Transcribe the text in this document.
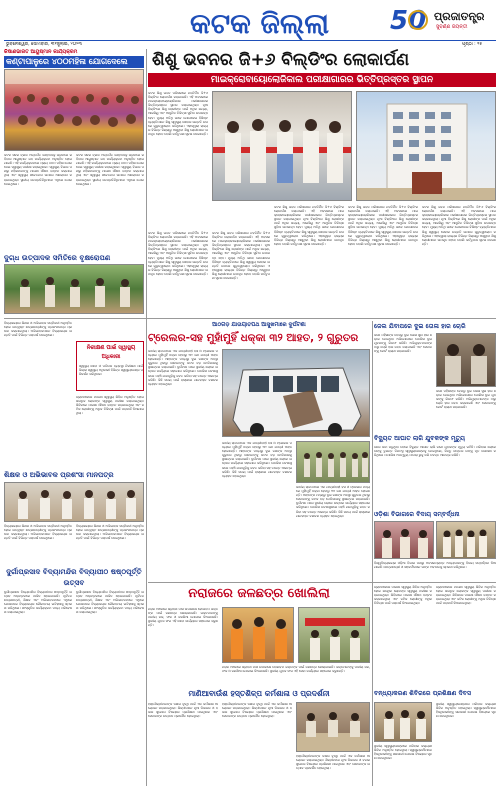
କଟକ ଜିଲ୍ଲା	50 ପ୍ରଜାତନ୍ତ୍ର
ସୁବର୍ଣ୍ଣ ଜୟନ୍ତୀ
ଭୁବନେଶ୍ୱର, ସୋମବାର, ୩୧ଜୁଲାଇ, ୨୦୨୩	ପୃଷ୍ଠା : ୧୫
କିଷାଣଭାରତ ଆୟୁଷ୍ମାନ କାର୍ଯ୍ୟକ୍ରମ
କଣ୍ଟାପାଳୁରେ ୪୦୦ମହିଳା ଯୋଗଦେଲେ
କଟକ ସଦର ବ୍ଲକ ଅନ୍ତର୍ଗତ କଣ୍ଟାପାଳୁ ଗ୍ରାମରେ ରବିବାର ଆୟୁଷ୍ମାନ ଭବ କାର୍ଯ୍ୟକ୍ରମ ଅନୁଷ୍ଠିତ ହୋଇଯାଇଛି। ଏହି କାର୍ଯ୍ୟକ୍ରମରେ ପ୍ରାୟ ୪୦୦ ମହିଳା ଯୋଗଦେଇ ସ୍ୱାସ୍ଥ୍ୟ ପରୀକ୍ଷା କରାଇଥିଲେ। ସ୍ୱାସ୍ଥ୍ୟ ବିଭାଗ ପକ୍ଷରୁ ମହିଳାମାନଙ୍କୁ ମାଗଣା ଔଷଧ ବଣ୍ଟନ କରାଯାଇଥିଲା ଏବଂ ସ୍ୱାସ୍ଥ୍ୟ ସଚେତନତା ଉପରେ ଆଲୋଚନା କରାଯାଇଥିଲା। ସ୍ଥାନୀୟ ଜନପ୍ରତିନିଧିମାନେ ଏଥିରେ ଯୋଗଦେଇଥିଲେ।
କଟକ ସଦର ବ୍ଲକ ଅନ୍ତର୍ଗତ କଣ୍ଟାପାଳୁ ଗ୍ରାମରେ ରବିବାର ଆୟୁଷ୍ମାନ ଭବ କାର୍ଯ୍ୟକ୍ରମ ଅନୁଷ୍ଠିତ ହୋଇଯାଇଛି। ଏହି କାର୍ଯ୍ୟକ୍ରମରେ ପ୍ରାୟ ୪୦୦ ମହିଳା ଯୋଗଦେଇ ସ୍ୱାସ୍ଥ୍ୟ ପରୀକ୍ଷା କରାଇଥିଲେ। ସ୍ୱାସ୍ଥ୍ୟ ବିଭାଗ ପକ୍ଷରୁ ମହିଳାମାନଙ୍କୁ ମାଗଣା ଔଷଧ ବଣ୍ଟନ କରାଯାଇଥିଲା ଏବଂ ସ୍ୱାସ୍ଥ୍ୟ ସଚେତନତା ଉପରେ ଆଲୋଚନା କରାଯାଇଥିଲା। ସ୍ଥାନୀୟ ଜନପ୍ରତିନିଧିମାନେ ଏଥିରେ ଯୋଗଦେଇଥିଲେ।
ଦୁଗ୍ଧ ଉତ୍ପାଦକ ସମିତିରେ ବୃକ୍ଷରୋପଣ
ଶିଶୁ ଭବନର ଜି+୬ ବିଲ୍ଡିଂର ଲୋକାର୍ପଣ
ମାଇକ୍ରୋବାୟୋଲୋଜିକାଲ ପରୀକ୍ଷାଗାରର ଭିତ୍ତିପ୍ରସ୍ତର ସ୍ଥାପନ
କଟକ ଶିଶୁ ଭବନ ପରିସରରେ ନବନିର୍ମିତ ଜି+୬ ବିଲ୍ଡିଂର ଲୋକାର୍ପଣ କରାଯାଇଛି। ଏହି ଅବସରରେ ମାଇକ୍ରୋବାୟୋଲୋଜିକାଲ ପରୀକ୍ଷାଗାରର ଭିତ୍ତିପ୍ରସ୍ତର ସ୍ଥାପନ କରାଯାଇଥିଲା। ନୂଆ ବିଲ୍ଡିଂରେ ଶିଶୁ ରୋଗୀଙ୍କ ପାଇଁ ଅଧିକ ଶଯ୍ୟା, ଆଇସିୟୁ ଏବଂ ଆଧୁନିକ ଚିକିତ୍ସା ସୁବିଧା ଉପଲବ୍ଧ ହେବ। ମୁଖ୍ୟ ଅତିଥି ଭାବେ ଯୋଗଦେଇ ବିଶିଷ୍ଟ ବ୍ୟକ୍ତିମାନେ ଶିଶୁ ସ୍ୱାସ୍ଥ୍ୟ ସେବାର ଉନ୍ନତି ଉପରେ ଗୁରୁତ୍ୱାରୋପ କରିଥିଲେ। ଏହାଦ୍ୱାରା ରାଜ୍ୟର ବିଭିନ୍ନ ଜିଲ୍ଲାରୁ ଆସୁଥିବା ଶିଶୁ ରୋଗୀମାନେ ଉପକୃତ ହେବେ ବୋଲି କର୍ତ୍ତୃପକ୍ଷ ସୂଚନା ଦେଇଛନ୍ତି।
କଟକ ଶିଶୁ ଭବନ ପରିସରରେ ନବନିର୍ମିତ ଜି+୬ ବିଲ୍ଡିଂର ଲୋକାର୍ପଣ କରାଯାଇଛି। ଏହି ଅବସରରେ ମାଇକ୍ରୋବାୟୋଲୋଜିକାଲ ପରୀକ୍ଷାଗାରର ଭିତ୍ତିପ୍ରସ୍ତର ସ୍ଥାପନ କରାଯାଇଥିଲା। ନୂଆ ବିଲ୍ଡିଂରେ ଶିଶୁ ରୋଗୀଙ୍କ ପାଇଁ ଅଧିକ ଶଯ୍ୟା, ଆଇସିୟୁ ଏବଂ ଆଧୁନିକ ଚିକିତ୍ସା ସୁବିଧା ଉପଲବ୍ଧ ହେବ। ମୁଖ୍ୟ ଅତିଥି ଭାବେ ଯୋଗଦେଇ ବିଶିଷ୍ଟ ବ୍ୟକ୍ତିମାନେ ଶିଶୁ ସ୍ୱାସ୍ଥ୍ୟ ସେବାର ଉନ୍ନତି ଉପରେ ଗୁରୁତ୍ୱାରୋପ କରିଥିଲେ। ଏହାଦ୍ୱାରା ରାଜ୍ୟର ବିଭିନ୍ନ ଜିଲ୍ଲାରୁ ଆସୁଥିବା ଶିଶୁ ରୋଗୀମାନେ ଉପକୃତ ହେବେ ବୋଲି କର୍ତ୍ତୃପକ୍ଷ ସୂଚନା ଦେଇଛନ୍ତି।
କଟକ ଶିଶୁ ଭବନ ପରିସରରେ ନବନିର୍ମିତ ଜି+୬ ବିଲ୍ଡିଂର ଲୋକାର୍ପଣ କରାଯାଇଛି। ଏହି ଅବସରରେ ମାଇକ୍ରୋବାୟୋଲୋଜିକାଲ ପରୀକ୍ଷାଗାରର ଭିତ୍ତିପ୍ରସ୍ତର ସ୍ଥାପନ କରାଯାଇଥିଲା। ନୂଆ ବିଲ୍ଡିଂରେ ଶିଶୁ ରୋଗୀଙ୍କ ପାଇଁ ଅଧିକ ଶଯ୍ୟା, ଆଇସିୟୁ ଏବଂ ଆଧୁନିକ ଚିକିତ୍ସା ସୁବିଧା ଉପଲବ୍ଧ ହେବ। ମୁଖ୍ୟ ଅତିଥି ଭାବେ ଯୋଗଦେଇ ବିଶିଷ୍ଟ ବ୍ୟକ୍ତିମାନେ ଶିଶୁ ସ୍ୱାସ୍ଥ୍ୟ ସେବାର ଉନ୍ନତି ଉପରେ ଗୁରୁତ୍ୱାରୋପ କରିଥିଲେ। ଏହାଦ୍ୱାରା ରାଜ୍ୟର ବିଭିନ୍ନ ଜିଲ୍ଲାରୁ ଆସୁଥିବା ଶିଶୁ ରୋଗୀମାନେ ଉପକୃତ ହେବେ ବୋଲି କର୍ତ୍ତୃପକ୍ଷ ସୂଚନା ଦେଇଛନ୍ତି।
କଟକ ଶିଶୁ ଭବନ ପରିସରରେ ନବନିର୍ମିତ ଜି+୬ ବିଲ୍ଡିଂର ଲୋକାର୍ପଣ କରାଯାଇଛି। ଏହି ଅବସରରେ ମାଇକ୍ରୋବାୟୋଲୋଜିକାଲ ପରୀକ୍ଷାଗାରର ଭିତ୍ତିପ୍ରସ୍ତର ସ୍ଥାପନ କରାଯାଇଥିଲା। ନୂଆ ବିଲ୍ଡିଂରେ ଶିଶୁ ରୋଗୀଙ୍କ ପାଇଁ ଅଧିକ ଶଯ୍ୟା, ଆଇସିୟୁ ଏବଂ ଆଧୁନିକ ଚିକିତ୍ସା ସୁବିଧା ଉପଲବ୍ଧ ହେବ। ମୁଖ୍ୟ ଅତିଥି ଭାବେ ଯୋଗଦେଇ ବିଶିଷ୍ଟ ବ୍ୟକ୍ତିମାନେ ଶିଶୁ ସ୍ୱାସ୍ଥ୍ୟ ସେବାର ଉନ୍ନତି ଉପରେ ଗୁରୁତ୍ୱାରୋପ କରିଥିଲେ। ଏହାଦ୍ୱାରା ରାଜ୍ୟର ବିଭିନ୍ନ ଜିଲ୍ଲାରୁ ଆସୁଥିବା ଶିଶୁ ରୋଗୀମାନେ ଉପକୃତ ହେବେ ବୋଲି କର୍ତ୍ତୃପକ୍ଷ ସୂଚନା ଦେଇଛନ୍ତି।
କଟକ ଶିଶୁ ଭବନ ପରିସରରେ ନବନିର୍ମିତ ଜି+୬ ବିଲ୍ଡିଂର ଲୋକାର୍ପଣ କରାଯାଇଛି। ଏହି ଅବସରରେ ମାଇକ୍ରୋବାୟୋଲୋଜିକାଲ ପରୀକ୍ଷାଗାରର ଭିତ୍ତିପ୍ରସ୍ତର ସ୍ଥାପନ କରାଯାଇଥିଲା। ନୂଆ ବିଲ୍ଡିଂରେ ଶିଶୁ ରୋଗୀଙ୍କ ପାଇଁ ଅଧିକ ଶଯ୍ୟା, ଆଇସିୟୁ ଏବଂ ଆଧୁନିକ ଚିକିତ୍ସା ସୁବିଧା ଉପଲବ୍ଧ ହେବ। ମୁଖ୍ୟ ଅତିଥି ଭାବେ ଯୋଗଦେଇ ବିଶିଷ୍ଟ ବ୍ୟକ୍ତିମାନେ ଶିଶୁ ସ୍ୱାସ୍ଥ୍ୟ ସେବାର ଉନ୍ନତି ଉପରେ ଗୁରୁତ୍ୱାରୋପ କରିଥିଲେ। ଏହାଦ୍ୱାରା ରାଜ୍ୟର ବିଭିନ୍ନ ଜିଲ୍ଲାରୁ ଆସୁଥିବା ଶିଶୁ ରୋଗୀମାନେ ଉପକୃତ ହେବେ ବୋଲି କର୍ତ୍ତୃପକ୍ଷ ସୂଚନା ଦେଇଛନ୍ତି।
କଟକ ଶିଶୁ ଭବନ ପରିସରରେ ନବନିର୍ମିତ ଜି+୬ ବିଲ୍ଡିଂର ଲୋକାର୍ପଣ କରାଯାଇଛି। ଏହି ଅବସରରେ ମାଇକ୍ରୋବାୟୋଲୋଜିକାଲ ପରୀକ୍ଷାଗାରର ଭିତ୍ତିପ୍ରସ୍ତର ସ୍ଥାପନ କରାଯାଇଥିଲା। ନୂଆ ବିଲ୍ଡିଂରେ ଶିଶୁ ରୋଗୀଙ୍କ ପାଇଁ ଅଧିକ ଶଯ୍ୟା, ଆଇସିୟୁ ଏବଂ ଆଧୁନିକ ଚିକିତ୍ସା ସୁବିଧା ଉପଲବ୍ଧ ହେବ। ମୁଖ୍ୟ ଅତିଥି ଭାବେ ଯୋଗଦେଇ ବିଶିଷ୍ଟ ବ୍ୟକ୍ତିମାନେ ଶିଶୁ ସ୍ୱାସ୍ଥ୍ୟ ସେବାର ଉନ୍ନତି ଉପରେ ଗୁରୁତ୍ୱାରୋପ କରିଥିଲେ। ଏହାଦ୍ୱାରା ରାଜ୍ୟର ବିଭିନ୍ନ ଜିଲ୍ଲାରୁ ଆସୁଥିବା ଶିଶୁ ରୋଗୀମାନେ ଉପକୃତ ହେବେ ବୋଲି କର୍ତ୍ତୃପକ୍ଷ ସୂଚନା ଦେଇଛନ୍ତି।
ବିଦ୍ୟାଳୟରେ ଶିକ୍ଷକ ଓ ଅଭିଭାବକ ସମ୍ମିଳନୀ ଅନୁଷ୍ଠିତ ହୋଇ ଉତ୍କୃଷ୍ଟ ଛାତ୍ରଛାତ୍ରୀଙ୍କୁ ପ୍ରଶଂସାପତ୍ର ପ୍ରଦାନ କରାଯାଇଥିଲା। ଅଭିଭାବକମାନେ ବିଦ୍ୟାଳୟର ଉନ୍ନତି ପାଇଁ ବିଭିନ୍ନ ପରାମର୍ଶ ଦେଇଥିଲେ।
ନିରୀକ୍ଷଣ ପାଇଁ ସ୍ୱାସ୍ଥ୍ୟ ଅଧିକାରୀ
ସ୍ୱାସ୍ଥ୍ୟ ସେବା ଓ ପରିମଳ ବ୍ୟବସ୍ଥା ନିରୀକ୍ଷଣ ପାଇଁ ଜିଲ୍ଲା ସ୍ୱାସ୍ଥ୍ୟ ଅଧିକାରୀ ବିଭିନ୍ନ ସ୍ୱାସ୍ଥ୍ୟକେନ୍ଦ୍ର ପରିଦର୍ଶନ କରିଥିଲେ।
ଗ୍ରାମାଞ୍ଚଳରେ ମାଗଣା ସ୍ୱାସ୍ଥ୍ୟ ଶିବିର ଅନୁଷ୍ଠିତ ହୋଇ ଶତାଧିକ ଲୋକଙ୍କ ସ୍ୱାସ୍ଥ୍ୟ ପରୀକ୍ଷା କରାଯାଇଥିଲା। ଶିବିରରେ ମାଗଣା ଔଷଧ ବଣ୍ଟନ କରାଯାଇଥିଲା ଏବଂ ଜଟିଳ ରୋଗୀଙ୍କୁ ଅଧିକ ଚିକିତ୍ସା ପାଇଁ ପରାମର୍ଶ ଦିଆଯାଇଥିଲା।
ଶିକ୍ଷକ ଓ ଅଭିଭାବକ ପ୍ରଶଂସା ମାନପତ୍ର
ବିଦ୍ୟାଳୟରେ ଶିକ୍ଷକ ଓ ଅଭିଭାବକ ସମ୍ମିଳନୀ ଅନୁଷ୍ଠିତ ହୋଇ ଉତ୍କୃଷ୍ଟ ଛାତ୍ରଛାତ୍ରୀଙ୍କୁ ପ୍ରଶଂସାପତ୍ର ପ୍ରଦାନ କରାଯାଇଥିଲା। ଅଭିଭାବକମାନେ ବିଦ୍ୟାଳୟର ଉନ୍ନତି ପାଇଁ ବିଭିନ୍ନ ପରାମର୍ଶ ଦେଇଥିଲେ।
ବିଦ୍ୟାଳୟରେ ଶିକ୍ଷକ ଓ ଅଭିଭାବକ ସମ୍ମିଳନୀ ଅନୁଷ୍ଠିତ ହୋଇ ଉତ୍କୃଷ୍ଟ ଛାତ୍ରଛାତ୍ରୀଙ୍କୁ ପ୍ରଶଂସାପତ୍ର ପ୍ରଦାନ କରାଯାଇଥିଲା। ଅଭିଭାବକମାନେ ବିଦ୍ୟାଳୟର ଉନ୍ନତି ପାଇଁ ବିଭିନ୍ନ ପରାମର୍ଶ ଦେଇଥିଲେ।
ଦୁର୍ଗାପ୍ରସାଦ ବିଦ୍ୟାମନ୍ଦିର ବିଦ୍ୟାପୀଠ ଷଷ୍ଠପୂର୍ତ୍ତି ଉତ୍ସବ
ଦୁର୍ଗାପ୍ରସାଦ ବିଦ୍ୟାମନ୍ଦିର ବିଦ୍ୟାପୀଠର ଷଷ୍ଠପୂର୍ତ୍ତି ଉତ୍ସବ ଆଡ଼ମ୍ବରରେ ପାଳିତ ହୋଇଯାଇଛି। ପୂର୍ବତନ ଛାତ୍ରଛାତ୍ରୀ, ଶିକ୍ଷକ ଏବଂ ଅଭିଭାବକମାନେ ଏଥିରେ ଯୋଗଦେଇ ବିଦ୍ୟାଳୟର ଗୌରବମୟ ଇତିହାସକୁ ସ୍ମରଣ କରିଥିଲେ। ସାଂସ୍କୃତିକ କାର୍ଯ୍ୟକ୍ରମ ମଧ୍ୟ ପରିବେଷଣ କରାଯାଇଥିଲା।
ଦୁର୍ଗାପ୍ରସାଦ ବିଦ୍ୟାମନ୍ଦିର ବିଦ୍ୟାପୀଠର ଷଷ୍ଠପୂର୍ତ୍ତି ଉତ୍ସବ ଆଡ଼ମ୍ବରରେ ପାଳିତ ହୋଇଯାଇଛି। ପୂର୍ବତନ ଛାତ୍ରଛାତ୍ରୀ, ଶିକ୍ଷକ ଏବଂ ଅଭିଭାବକମାନେ ଏଥିରେ ଯୋଗଦେଇ ବିଦ୍ୟାଳୟର ଗୌରବମୟ ଇତିହାସକୁ ସ୍ମରଣ କରିଥିଲେ। ସାଂସ୍କୃତିକ କାର୍ଯ୍ୟକ୍ରମ ମଧ୍ୟ ପରିବେଷଣ କରାଯାଇଥିଲା।
ଆଠଗଡ଼ ଯାତାୟାତପଥ ଆସୁଖମାରେ ଦୁର୍ଘଟଣା
ଟ୍ରେଲର-ସହ ମୁହାଁମୁହିଁ ଧକ୍କା ୩୨ ଆହତ, ୨ ଗୁରୁତର
ଜାତୀୟ ରାଜପଥରେ ଏକ ଯାତ୍ରୀବାହୀ ବସ ଓ ଟ୍ରେଲର ମଧ୍ୟରେ ମୁହାଁମୁହିଁ ଧକ୍କା ହେବାରୁ ୩୨ ଜଣ ଯାତ୍ରୀ ଆହତ ହୋଇଛନ୍ତି। ଆହତଙ୍କ ମଧ୍ୟରୁ ଦୁଇ ଜଣଙ୍କ ଅବସ୍ଥା ଗୁରୁତର ଥିବାରୁ ସେମାନଙ୍କୁ କଟକ ବଡ଼ ମେଡିକାଲକୁ ସ୍ଥାନାନ୍ତର କରାଯାଇଛି। ଦୁର୍ଘଟଣା ପରେ ସ୍ଥାନୀୟ ଲୋକେ ଉଦ୍ଧାର କାର୍ଯ୍ୟରେ ସହଯୋଗ କରିଥିଲେ। ପୋଲିସ ଘଟଣାସ୍ଥଳରେ ପହଞ୍ଚି ଯାନଗୁଡ଼ିକୁ ଜବତ କରିବା ସହ ତଦନ୍ତ ଆରମ୍ଭ କରିଛି। କିଛି ସମୟ ପାଇଁ ରାସ୍ତାରେ ଯାନବାହନ ଚଳାଚଳ ବ୍ୟାହତ ହୋଇଥିଲା।
ଜାତୀୟ ରାଜପଥରେ ଏକ ଯାତ୍ରୀବାହୀ ବସ ଓ ଟ୍ରେଲର ମଧ୍ୟରେ ମୁହାଁମୁହିଁ ଧକ୍କା ହେବାରୁ ୩୨ ଜଣ ଯାତ୍ରୀ ଆହତ ହୋଇଛନ୍ତି। ଆହତଙ୍କ ମଧ୍ୟରୁ ଦୁଇ ଜଣଙ୍କ ଅବସ୍ଥା ଗୁରୁତର ଥିବାରୁ ସେମାନଙ୍କୁ କଟକ ବଡ଼ ମେଡିକାଲକୁ ସ୍ଥାନାନ୍ତର କରାଯାଇଛି। ଦୁର୍ଘଟଣା ପରେ ସ୍ଥାନୀୟ ଲୋକେ ଉଦ୍ଧାର କାର୍ଯ୍ୟରେ ସହଯୋଗ କରିଥିଲେ। ପୋଲିସ ଘଟଣାସ୍ଥଳରେ ପହଞ୍ଚି ଯାନଗୁଡ଼ିକୁ ଜବତ କରିବା ସହ ତଦନ୍ତ ଆରମ୍ଭ କରିଛି। କିଛି ସମୟ ପାଇଁ ରାସ୍ତାରେ ଯାନବାହନ ଚଳାଚଳ ବ୍ୟାହତ ହୋଇଥିଲା।
ଜାତୀୟ ରାଜପଥରେ ଏକ ଯାତ୍ରୀବାହୀ ବସ ଓ ଟ୍ରେଲର ମଧ୍ୟରେ ମୁହାଁମୁହିଁ ଧକ୍କା ହେବାରୁ ୩୨ ଜଣ ଯାତ୍ରୀ ଆହତ ହୋଇଛନ୍ତି। ଆହତଙ୍କ ମଧ୍ୟରୁ ଦୁଇ ଜଣଙ୍କ ଅବସ୍ଥା ଗୁରୁତର ଥିବାରୁ ସେମାନଙ୍କୁ କଟକ ବଡ଼ ମେଡିକାଲକୁ ସ୍ଥାନାନ୍ତର କରାଯାଇଛି। ଦୁର୍ଘଟଣା ପରେ ସ୍ଥାନୀୟ ଲୋକେ ଉଦ୍ଧାର କାର୍ଯ୍ୟରେ ସହଯୋଗ କରିଥିଲେ। ପୋଲିସ ଘଟଣାସ୍ଥଳରେ ପହଞ୍ଚି ଯାନଗୁଡ଼ିକୁ ଜବତ କରିବା ସହ ତଦନ୍ତ ଆରମ୍ଭ କରିଛି। କିଛି ସମୟ ପାଇଁ ରାସ୍ତାରେ ଯାନବାହନ ଚଳାଚଳ ବ୍ୟାହତ ହୋଇଥିଲା।
ଜେଲ ଯିବାପରେ ଦୁଇ ତୋଳା ହାର ଚୋରି
ଜଣେ ମହିଳାଙ୍କ ବେକରୁ ଦୁଇ ତୋଳା ସୁନା ହାର ଛଡ଼ାଇ ନେଇଥିବା ଅଭିଯୋଗରେ ପୋଲିସ ଦୁଇ ଯୁବକଙ୍କୁ ଗିରଫ କରିଛି। ଅଭିଯୁକ୍ତମାନଙ୍କ ଠାରୁ ଚୋରି ହାର ଜବତ କରାଯାଇଛି ଏବଂ ସେମାନଙ୍କୁ କୋର୍ଟ ଚାଲାଣ କରାଯାଇଛି।
ଜଣେ ମହିଳାଙ୍କ ବେକରୁ ଦୁଇ ତୋଳା ସୁନା ହାର ଛଡ଼ାଇ ନେଇଥିବା ଅଭିଯୋଗରେ ପୋଲିସ ଦୁଇ ଯୁବକଙ୍କୁ ଗିରଫ କରିଛି। ଅଭିଯୁକ୍ତମାନଙ୍କ ଠାରୁ ଚୋରି ହାର ଜବତ କରାଯାଇଛି ଏବଂ ସେମାନଙ୍କୁ କୋର୍ଟ ଚାଲାଣ କରାଯାଇଛି।
ବିଦ୍ୟୁତ ଆଘାତ ଲାଗି ଯୁବକଙ୍କ ମୃତ୍ୟୁ
ଘରେ କାମ କରୁଥିବା ବେଳେ ବିଦ୍ୟୁତ ଆଘାତ ଲାଗି ଜଣେ ଯୁବକଙ୍କ ମୃତ୍ୟୁ ଘଟିଛି। ପରିବାର ଲୋକେ ତାଙ୍କୁ ତୁରନ୍ତ ନିକଟସ୍ଥ ସ୍ୱାସ୍ଥ୍ୟକେନ୍ଦ୍ରକୁ ନେଇଥିଲେ, କିନ୍ତୁ ଡାକ୍ତର ତାଙ୍କୁ ମୃତ ଘୋଷଣା କରିଥିଲେ। ପୋଲିସ ଅପମୃତ୍ୟୁ ମାମଲା ରୁଜୁ କରି ତଦନ୍ତ ଆରମ୍ଭ କରିଛି।
ଓଡ଼ିଶା ବିଭାଗରେ ବିଦାୟ ସମ୍ବର୍ଦ୍ଧନା
ବିଶ୍ୱବିଦ୍ୟାଳୟର ଓଡ଼ିଆ ବିଭାଗ ପକ୍ଷରୁ ଅବସରପ୍ରାପ୍ତ ଅଧ୍ୟାପକଙ୍କୁ ବିଦାୟ ସମ୍ବର୍ଦ୍ଧନା ଦିଆଯାଇଛି। ଛାତ୍ରଛାତ୍ରୀ ଓ ସହକର୍ମୀମାନେ ତାଙ୍କ ଅବଦାନକୁ ସ୍ମରଣ କରିଥିଲେ।
ନରାଜରେ ଜଳଛତ୍ର ଖୋଲିଲା
ନରାଜ ଅଞ୍ଚଳରେ ଶ୍ରାବଣ ମାସ ଉପଲକ୍ଷେ ବୋଲବମ ଭକ୍ତଙ୍କ ପାଇଁ ଜଳଛତ୍ର ଖୋଲାଯାଇଛି। ଭକ୍ତମାନଙ୍କୁ ପାନୀୟ ଜଳ, ଫଳ ଓ ଜଳଖିଆ ଯୋଗାଇ ଦିଆଯାଉଛି। ସ୍ଥାନୀୟ ଯୁବକ ସଂଘ ଏହି ସେବା କାର୍ଯ୍ୟରେ ସହଯୋଗ କରୁଛନ୍ତି।
ନରାଜ ଅଞ୍ଚଳରେ ଶ୍ରାବଣ ମାସ ଉପଲକ୍ଷେ ବୋଲବମ ଭକ୍ତଙ୍କ ପାଇଁ ଜଳଛତ୍ର ଖୋଲାଯାଇଛି। ଭକ୍ତମାନଙ୍କୁ ପାନୀୟ ଜଳ, ଫଳ ଓ ଜଳଖିଆ ଯୋଗାଇ ଦିଆଯାଉଛି। ସ୍ଥାନୀୟ ଯୁବକ ସଂଘ ଏହି ସେବା କାର୍ଯ୍ୟରେ ସହଯୋଗ କରୁଛନ୍ତି।
ମାଣିଆବାଉଁଶ ହସ୍ତଶିଳ୍ପ କର୍ମଶାଳା ଓ ପ୍ରଦର୍ଶନୀ
ହସ୍ତଶିଳ୍ପୀମାନଙ୍କ ଦକ୍ଷତା ବୃଦ୍ଧି ପାଇଁ ଏକ କର୍ମଶାଳା ଆୟୋଜନ କରାଯାଇଥିଲା। ଶିଳ୍ପୀମାନେ ନୂଆ ଡିଜାଇନ ଓ ବଜାର ସୁଯୋଗ ବିଷୟରେ ପ୍ରଶିକ୍ଷଣ ପାଇଥିଲେ ଏବଂ ସେମାନଙ୍କ ଉତ୍ପାଦ ପ୍ରଦର୍ଶିତ ହୋଇଥିଲା।
ହସ୍ତଶିଳ୍ପୀମାନଙ୍କ ଦକ୍ଷତା ବୃଦ୍ଧି ପାଇଁ ଏକ କର୍ମଶାଳା ଆୟୋଜନ କରାଯାଇଥିଲା। ଶିଳ୍ପୀମାନେ ନୂଆ ଡିଜାଇନ ଓ ବଜାର ସୁଯୋଗ ବିଷୟରେ ପ୍ରଶିକ୍ଷଣ ପାଇଥିଲେ ଏବଂ ସେମାନଙ୍କ ଉତ୍ପାଦ ପ୍ରଦର୍ଶିତ ହୋଇଥିଲା।
ହସ୍ତଶିଳ୍ପୀମାନଙ୍କ ଦକ୍ଷତା ବୃଦ୍ଧି ପାଇଁ ଏକ କର୍ମଶାଳା ଆୟୋଜନ କରାଯାଇଥିଲା। ଶିଳ୍ପୀମାନେ ନୂଆ ଡିଜାଇନ ଓ ବଜାର ସୁଯୋଗ ବିଷୟରେ ପ୍ରଶିକ୍ଷଣ ପାଇଥିଲେ ଏବଂ ସେମାନଙ୍କ ଉତ୍ପାଦ ପ୍ରଦର୍ଶିତ ହୋଇଥିଲା।
ଗ୍ରାମାଞ୍ଚଳରେ ମାଗଣା ସ୍ୱାସ୍ଥ୍ୟ ଶିବିର ଅନୁଷ୍ଠିତ ହୋଇ ଶତାଧିକ ଲୋକଙ୍କ ସ୍ୱାସ୍ଥ୍ୟ ପରୀକ୍ଷା କରାଯାଇଥିଲା। ଶିବିରରେ ମାଗଣା ଔଷଧ ବଣ୍ଟନ କରାଯାଇଥିଲା ଏବଂ ଜଟିଳ ରୋଗୀଙ୍କୁ ଅଧିକ ଚିକିତ୍ସା ପାଇଁ ପରାମର୍ଶ ଦିଆଯାଇଥିଲା।
ଗ୍ରାମାଞ୍ଚଳରେ ମାଗଣା ସ୍ୱାସ୍ଥ୍ୟ ଶିବିର ଅନୁଷ୍ଠିତ ହୋଇ ଶତାଧିକ ଲୋକଙ୍କ ସ୍ୱାସ୍ଥ୍ୟ ପରୀକ୍ଷା କରାଯାଇଥିଲା। ଶିବିରରେ ମାଗଣା ଔଷଧ ବଣ୍ଟନ କରାଯାଇଥିଲା ଏବଂ ଜଟିଳ ରୋଗୀଙ୍କୁ ଅଧିକ ଚିକିତ୍ସା ପାଇଁ ପରାମର୍ଶ ଦିଆଯାଇଥିଲା।
ବନ୍ଧ୍ୟାକରଣ ଶିବିରରେ ପ୍ରଶିକ୍ଷଣ ଦିବସ
ସ୍ଥାନୀୟ ସ୍ୱାସ୍ଥ୍ୟକେନ୍ଦ୍ରରେ ପରିବାର କଲ୍ୟାଣ ଶିବିର ଅନୁଷ୍ଠିତ ହୋଇଥିଲା। ସ୍ୱାସ୍ଥ୍ୟକର୍ମୀମାନେ ହିତାଧିକାରୀଙ୍କୁ ସରକାରୀ ଯୋଜନା ବିଷୟରେ ସୂଚନା ଦେଇଥିଲେ।
ସ୍ଥାନୀୟ ସ୍ୱାସ୍ଥ୍ୟକେନ୍ଦ୍ରରେ ପରିବାର କଲ୍ୟାଣ ଶିବିର ଅନୁଷ୍ଠିତ ହୋଇଥିଲା। ସ୍ୱାସ୍ଥ୍ୟକର୍ମୀମାନେ ହିତାଧିକାରୀଙ୍କୁ ସରକାରୀ ଯୋଜନା ବିଷୟରେ ସୂଚନା ଦେଇଥିଲେ।
